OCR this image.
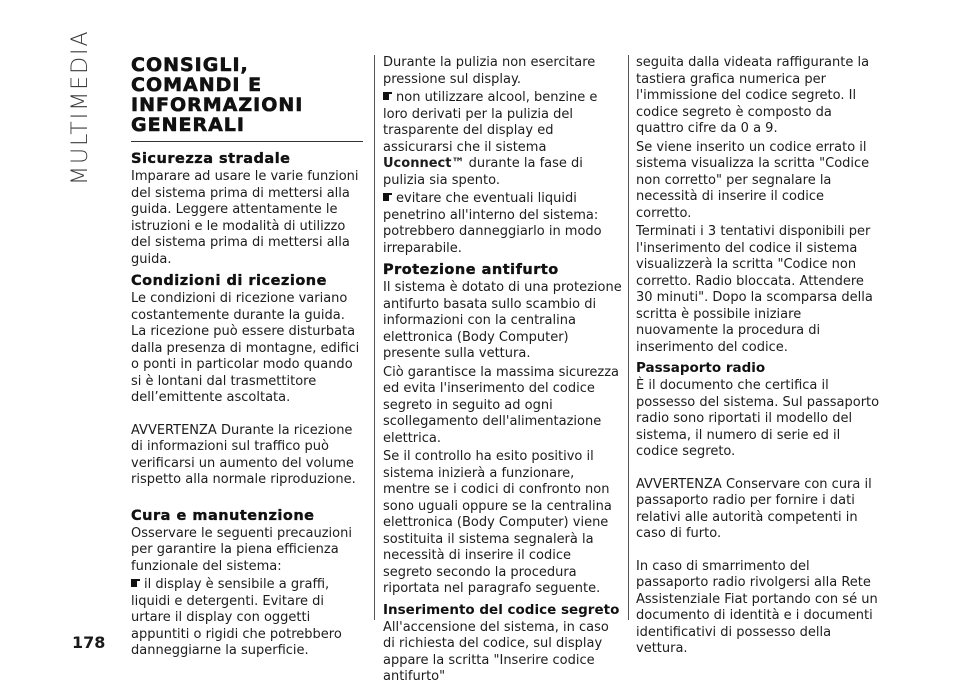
MULTIMEDIA
178
CONSIGLI, COMANDI E INFORMAZIONI GENERALI
Sicurezza stradale

Imparare ad usare le varie funzioni del sistema prima di mettersi alla guida. Leggere attentamente le istruzioni e le modalità di utilizzo del sistema prima di mettersi alla guida.

Condizioni di ricezione

Le condizioni di ricezione variano costantemente durante la guida. La ricezione può essere disturbata dalla presenza di montagne, edifici o ponti in particolar modo quando si è lontani dal trasmettitore dell’emittente ascoltata.

AVVERTENZA Durante la ricezione di informazioni sul traffico può verificarsi un aumento del volume rispetto alla normale riproduzione.

Cura e manutenzione

Osservare le seguenti precauzioni per garantire la piena efficienza funzionale del sistema:

il display è sensibile a graffi, liquidi e detergenti. Evitare di urtare il display con oggetti appuntiti o rigidi che potrebbero danneggiarne la superficie.

Durante la pulizia non esercitare pressione sul display.

non utilizzare alcool, benzine e loro derivati per la pulizia del trasparente del display ed assicurarsi che il sistema Uconnect™ durante la fase di pulizia sia spento.

evitare che eventuali liquidi penetrino all'interno del sistema: potrebbero danneggiarlo in modo irreparabile.

Protezione antifurto

Il sistema è dotato di una protezione antifurto basata sullo scambio di informazioni con la centralina elettronica (Body Computer) presente sulla vettura.

Ciò garantisce la massima sicurezza ed evita l'inserimento del codice segreto in seguito ad ogni scollegamento dell'alimentazione elettrica.

Se il controllo ha esito positivo il sistema inizierà a funzionare, mentre se i codici di confronto non sono uguali oppure se la centralina elettronica (Body Computer) viene sostituita il sistema segnalerà la necessità di inserire il codice segreto secondo la procedura riportata nel paragrafo seguente.

Inserimento del codice segreto

All'accensione del sistema, in caso di richiesta del codice, sul display appare la scritta "Inserire codice antifurto"

seguita dalla videata raffigurante la tastiera grafica numerica per l'immissione del codice segreto. Il codice segreto è composto da quattro cifre da 0 a 9.

Se viene inserito un codice errato il sistema visualizza la scritta "Codice non corretto" per segnalare la necessità di inserire il codice corretto.

Terminati i 3 tentativi disponibili per l'inserimento del codice il sistema visualizzerà la scritta "Codice non corretto. Radio bloccata. Attendere 30 minuti". Dopo la scomparsa della scritta è possibile iniziare nuovamente la procedura di inserimento del codice.

Passaporto radio

È il documento che certifica il possesso del sistema. Sul passaporto radio sono riportati il modello del sistema, il numero di serie ed il codice segreto.

AVVERTENZA Conservare con cura il passaporto radio per fornire i dati relativi alle autorità competenti in caso di furto.

In caso di smarrimento del passaporto radio rivolgersi alla Rete Assistenziale Fiat portando con sé un documento di identità e i documenti identificativi di possesso della vettura.
